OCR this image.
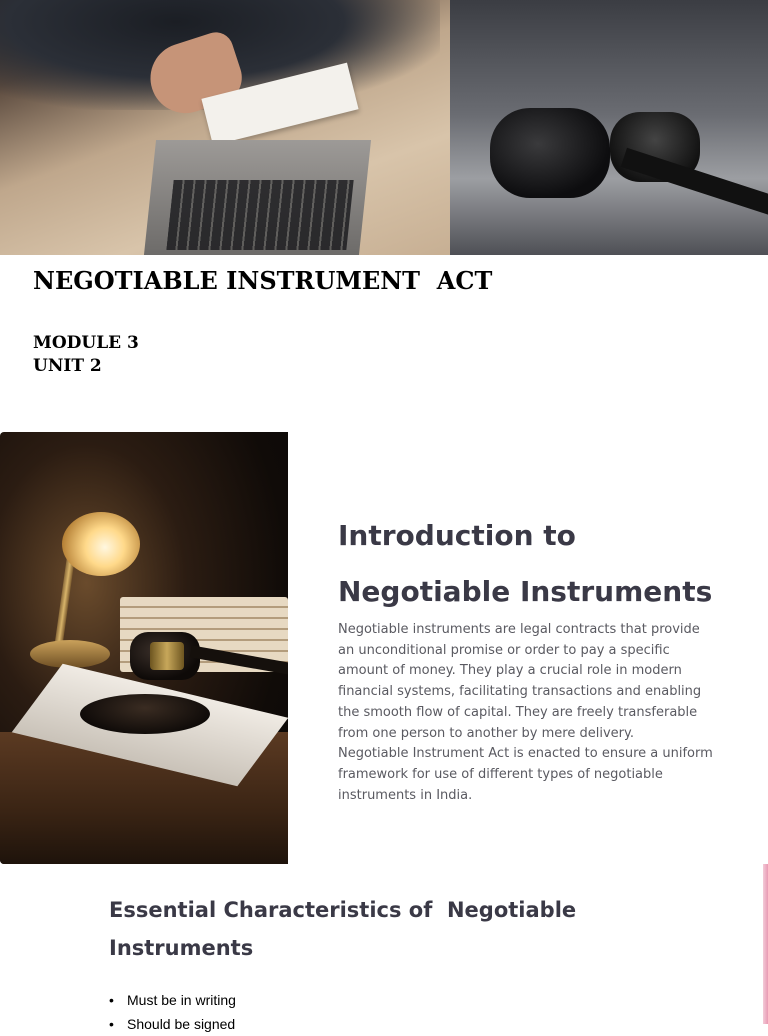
NEGOTIABLE INSTRUMENT  ACT
MODULE 3
UNIT 2
Introduction to Negotiable Instruments

Negotiable instruments are legal contracts that provide an unconditional promise or order to pay a specific amount of money. They play a crucial role in modern financial systems, facilitating transactions and enabling the smooth flow of capital. They are freely transferable from one person to another by mere delivery.

Negotiable Instrument Act is enacted to ensure a uniform framework for use of different types of negotiable instruments in India.

Essential Characteristics of  Negotiable Instruments
• Must be in writing
• Should be signed
